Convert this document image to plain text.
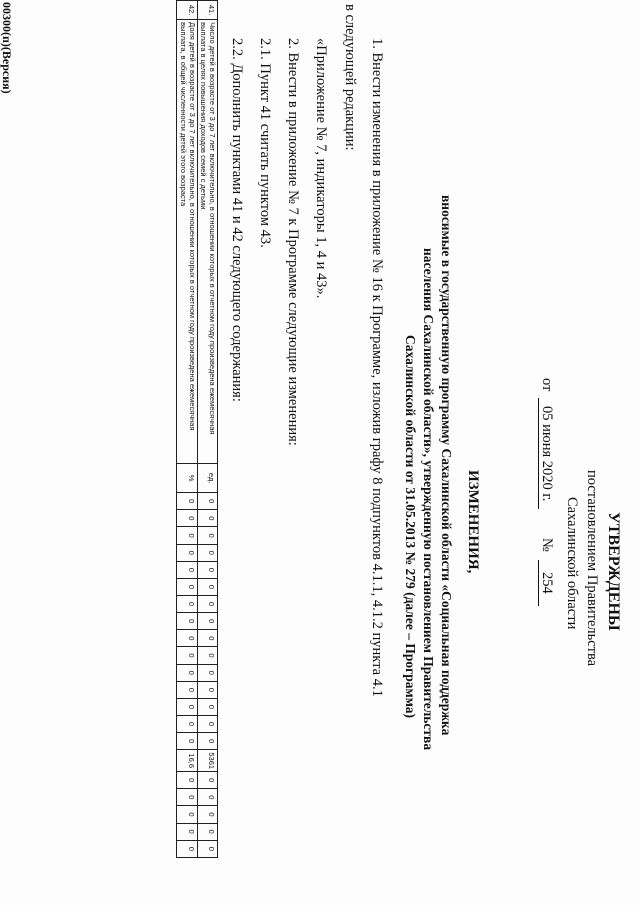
УТВЕРЖДЕНЫ
постановлением Правительства
Сахалинской области
от
05 июня 2020 г.
№
254
ИЗМЕНЕНИЯ,
вносимые в государственную программу Сахалинской области «Социальная поддержка
населения Сахалинской области», утвержденную постановлением Правительства
Сахалинской области от 31.05.2013 № 279 (далее – Программа)
1. Внести изменения в приложение № 16 к Программе, изложив графу 8 подпунктов 4.1.1, 4.1.2 пункта 4.1
в следующей редакции:
«Приложение № 7, индикаторы 1, 4 и 43».
2. Внести в приложение № 7 к Программе следующие изменения:
2.1. Пункт 41 считать пунктом 43.
2.2. Дополнить пунктами 41 и 42 следующего содержания:
41.	Число детей в возрасте от 3 до 7 лет включительно, в отношении которых в отчетном году произведена ежемесячная выплата в целях повышения доходов семей с детьми	ед.	0	0	0	0	0	0	0	0	0	0	0	0	0	0	0	5361	0	0	0	0	0
42.	Доля детей в возрасте от 3 до 7 лет включительно, в отношении которых в отчетном году произведена ежемесячная выплата, в общей численности детей этого возраста	%	0	0	0	0	0	0	0	0	0	0	0	0	0	0	0	16,6	0	0	0	0	0
00300(п)(Версия)
